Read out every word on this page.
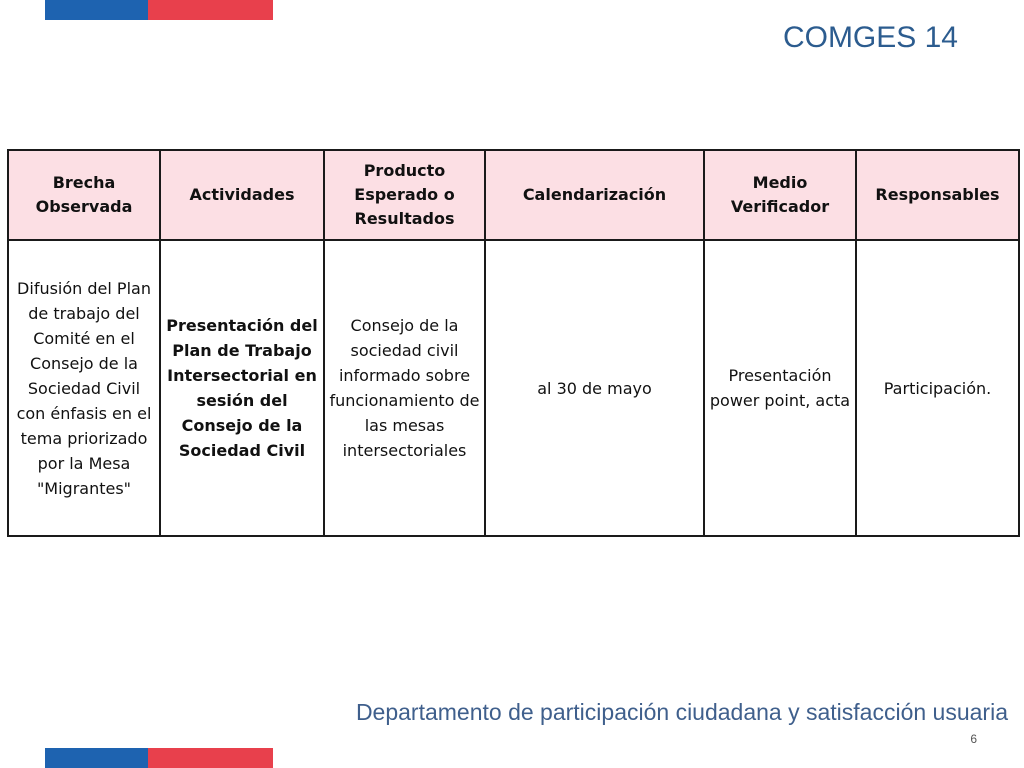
COMGES 14
Brecha Observada	Actividades	Producto Esperado o Resultados	Calendarización	Medio Verificador	Responsables
Difusión del Plan de trabajo del Comité en el Consejo de la Sociedad Civil con énfasis en el tema priorizado por la Mesa "Migrantes"	Presentación del Plan de Trabajo Intersectorial en sesión del Consejo de la Sociedad Civil	Consejo de la sociedad civil informado sobre funcionamiento de las mesas intersectoriales	al 30 de mayo	Presentación power point, acta	Participación.
Departamento de participación ciudadana y satisfacción usuaria
6
